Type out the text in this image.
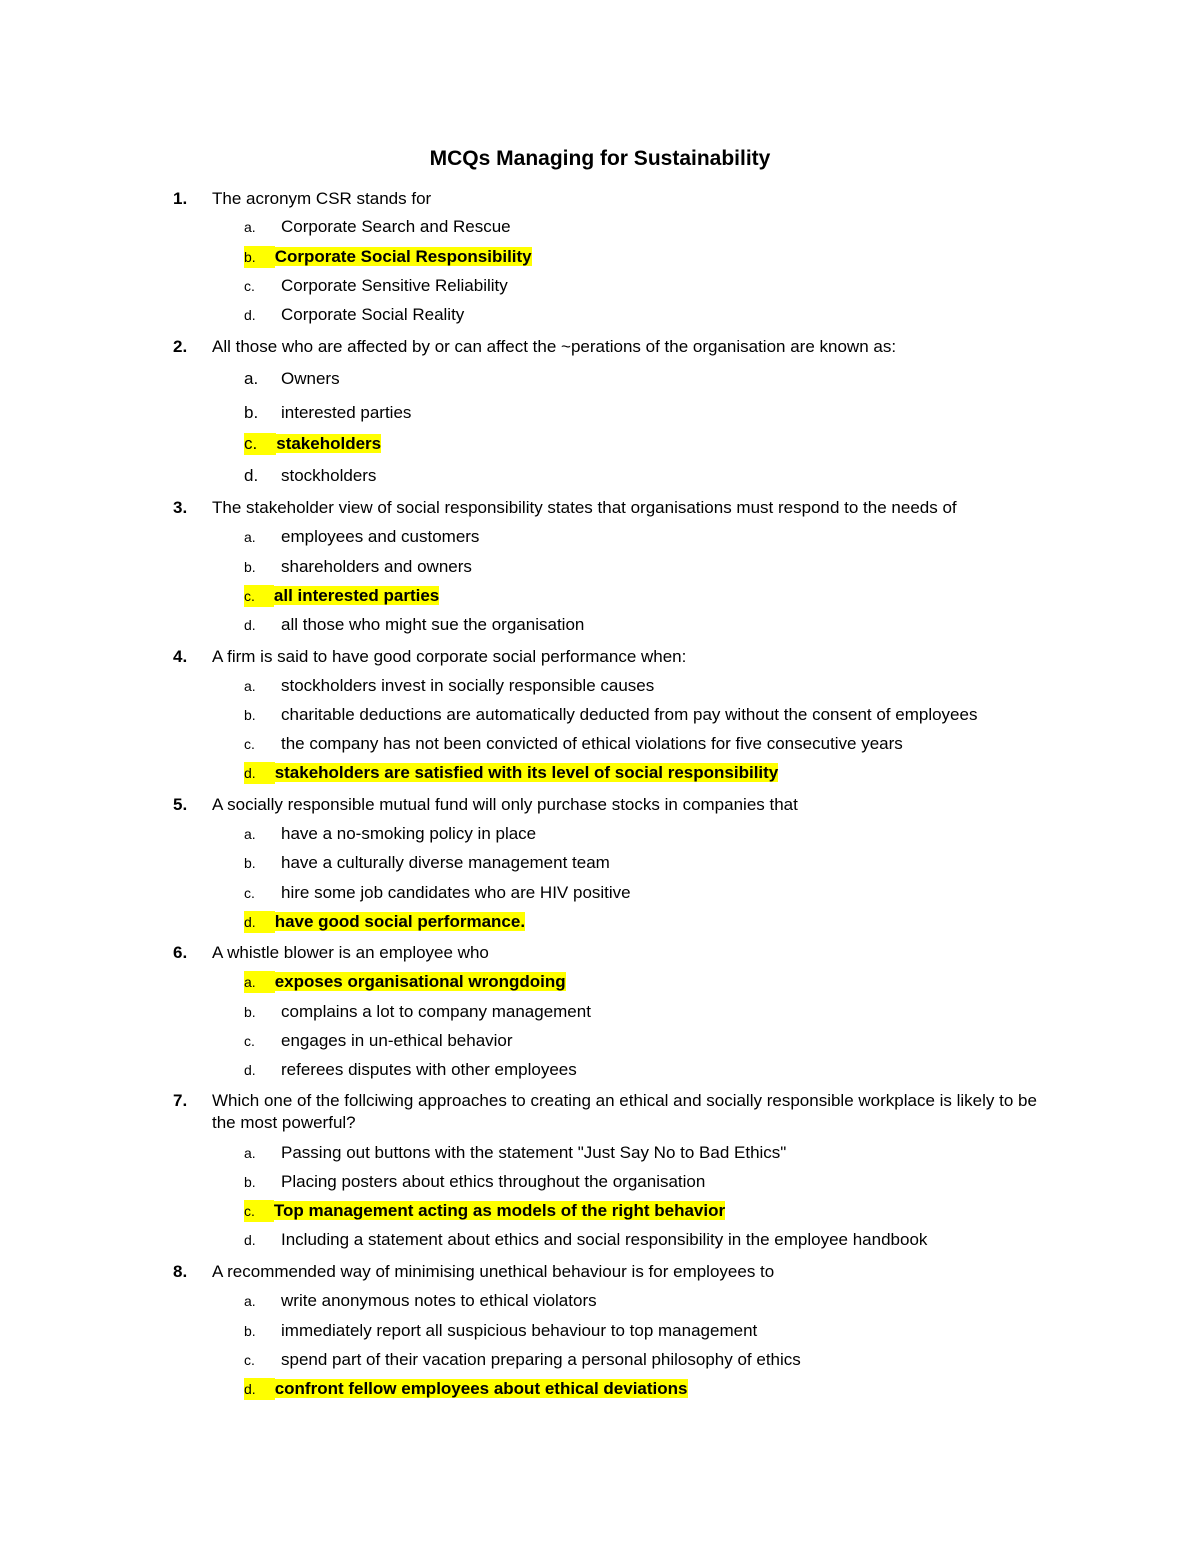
MCQs Managing for Sustainability
1. The acronym CSR stands for
a. Corporate Search and Rescue
b. Corporate Social Responsibility
c. Corporate Sensitive Reliability
d. Corporate Social Reality
2. All those who are affected by or can affect the ~perations of the organisation are known as:
a. Owners
b. interested parties
c. stakeholders
d. stockholders
3. The stakeholder view of social responsibility states that organisations must respond to the needs of
a. employees and customers
b. shareholders and owners
c. all interested parties
d. all those who might sue the organisation
4. A firm is said to have good corporate social performance when:
a. stockholders invest in socially responsible causes
b. charitable deductions are automatically deducted from pay without the consent of employees
c. the company has not been convicted of ethical violations for five consecutive years
d. stakeholders are satisfied with its level of social responsibility
5. A socially responsible mutual fund will only purchase stocks in companies that
a. have a no-smoking policy in place
b. have a culturally diverse management team
c. hire some job candidates who are HIV positive
d. have good social performance.
6. A whistle blower is an employee who
a. exposes organisational wrongdoing
b. complains a lot to company management
c. engages in un-ethical behavior
d. referees disputes with other employees
7. Which one of the follciwing approaches to creating an ethical and socially responsible workplace is likely to be the most powerful?
a. Passing out buttons with the statement "Just Say No to Bad Ethics"
b. Placing posters about ethics throughout the organisation
c. Top management acting as models of the right behavior
d. Including a statement about ethics and social responsibility in the employee handbook
8. A recommended way of minimising unethical behaviour is for employees to
a. write anonymous notes to ethical violators
b. immediately report all suspicious behaviour to top management
c. spend part of their vacation preparing a personal philosophy of ethics
d. confront fellow employees about ethical deviations
